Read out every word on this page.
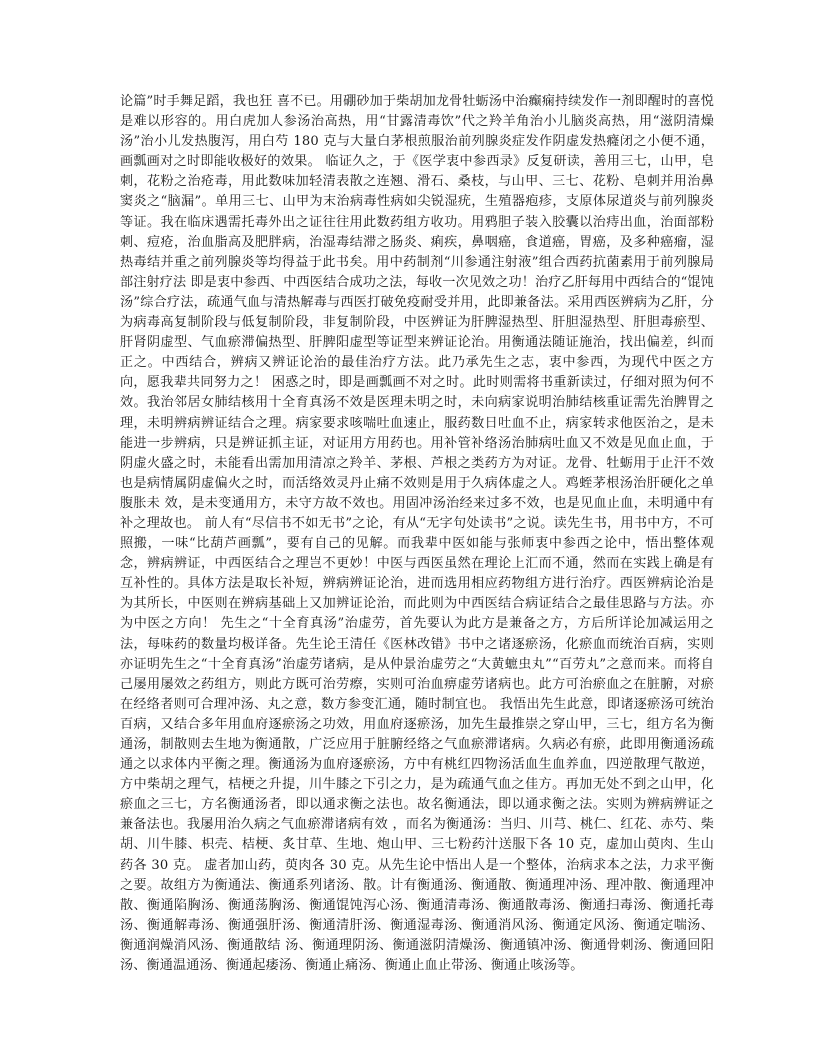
论篇”时手舞足蹈，我也狂 喜不已。用硼砂加于柴胡加龙骨牡蛎汤中治癫痫持续发作一剂即醒时的喜悦是难以形容的。用白虎加人参汤治高热，用“甘露清毒饮”代之羚羊角治小儿脑炎高热，用“滋阴清燥汤”治小儿发热腹泻，用白芍 180 克与大量白茅根煎服治前列腺炎症发作阴虚发热癃闭之小便不通，画瓢画对之时即能收极好的效果。 临证久之，于《医学衷中参西录》反复研读，善用三七，山甲，皂刺，花粉之治疮毒，用此数味加轻清表散之连翘、滑石、桑枝，与山甲、三七、花粉、皂刺并用治鼻窦炎之“脑漏”。单用三七、山甲为末治病毒性病如尖锐湿疣，生殖器疱疹，支原体尿道炎与前列腺炎等证。我在临床遇需托毒外出之证往往用此数药组方收功。用鸦胆子装入胶囊以治痔出血，治面部粉刺、痘疮，治血脂高及肥胖病，治湿毒结滞之肠炎、痢疾，鼻咽癌，食道癌，胃癌，及多种癌瘤，湿热毒结并重之前列腺炎等均得益于此书矣。用中药制剂“川参通注射液”组合西药抗菌素用于前列腺局部注射疗法 即是衷中参西、中西医结合成功之法，每收一次见效之功！治疗乙肝每用中西结合的“馄饨汤”综合疗法，疏通气血与清热解毒与西医打破免疫耐受并用，此即兼备法。采用西医辨病为乙肝，分为病毒高复制阶段与低复制阶段，非复制阶段，中医辨证为肝脾湿热型、肝胆湿热型、肝胆毒瘀型、肝肾阴虚型、气血瘀滞偏热型、肝脾阳虚型等证型来辨证论治。用衡通法随证施治，找出偏差，纠而正之。中西结合，辨病又辨证论治的最佳治疗方法。此乃承先生之志，衷中参西，为现代中医之方向，愿我辈共同努力之！ 困惑之时，即是画瓢画不对之时。此时则需将书重新读过，仔细对照为何不效。我治邻居女肺结核用十全育真汤不效是医理未明之时，未向病家说明治肺结核重证需先治脾胃之理，未明辨病辨证结合之理。病家要求咳喘吐血速止，服药数日吐血不止，病家转求他医治之，是未能进一步辨病，只是辨证抓主证，对证用方用药也。用补管补络汤治肺病吐血又不效是见血止血，于阴虚火盛之时，未能看出需加用清凉之羚羊、茅根、芦根之类药方为对证。龙骨、牡蛎用于止汗不效也是病情属阴虚偏火之时，而活络效灵丹止痛不效则是用于久病体虚之人。鸡蛭茅根汤治肝硬化之单腹胀未 效，是未变通用方，未守方故不效也。用固冲汤治经来过多不效，也是见血止血，未明通中有补之理故也。 前人有“尽信书不如无书”之论，有从“无字句处读书”之说。读先生书，用书中方，不可照搬，一味“比葫芦画瓢”，要有自己的见解。而我辈中医如能与张师衷中参西之论中，悟出整体观念，辨病辨证，中西医结合之理岂不更妙！中医与西医虽然在理论上汇而不通，然而在实践上确是有互补性的。具体方法是取长补短，辨病辨证论治，进而选用相应药物组方进行治疗。西医辨病论治是为其所长，中医则在辨病基础上又加辨证论治，而此则为中西医结合病证结合之最佳思路与方法。亦为中医之方向！ 先生之“十全育真汤”治虚劳，首先要认为此方是兼备之方，方后所详论加减运用之法，每味药的数量均极详备。先生论王清任《医林改错》书中之诸逐瘀汤，化瘀血而统治百病，实则亦证明先生之“十全育真汤”治虚劳诸病，是从仲景治虚劳之“大黄蟅虫丸”“百劳丸”之意而来。而将自己屡用屡效之药组方，则此方既可治劳瘵，实则可治血痹虚劳诸病也。此方可治瘀血之在脏腑，对瘀在经络者则可合理冲汤、丸之意，数方参变汇通，随时制宜也。 我悟出先生此意，即诸逐瘀汤可统治百病，又结合多年用血府逐瘀汤之功效，用血府逐瘀汤，加先生最推崇之穿山甲，三七，组方名为衡通汤，制散则去生地为衡通散，广泛应用于脏腑经络之气血瘀滞诸病。久病必有瘀，此即用衡通汤疏通之以求体内平衡之理。衡通汤为血府逐瘀汤，方中有桃红四物汤活血生血养血，四逆散理气散逆，方中柴胡之理气，桔梗之升提，川牛膝之下引之力，是为疏通气血之佳方。再加无处不到之山甲，化瘀血之三七，方名衡通汤者，即以通求衡之法也。故名衡通法，即以通求衡之法。实则为辨病辨证之兼备法也。我屡用治久病之气血瘀滞诸病有效 ，而名为衡通汤：当归、川芎、桃仁、红花、赤芍、柴胡、川牛膝、枳壳、桔梗、炙甘草、生地、炮山甲、三七粉药汁送服下各 10 克，虚加山萸肉、生山药各 30 克。 虚者加山药，萸肉各 30 克。从先生论中悟出人是一个整体，治病求本之法，力求平衡之要。故组方为衡通法、衡通系列诸汤、散。计有衡通汤、衡通散、衡通理冲汤、理冲散、衡通理冲散、衡通陷胸汤、衡通荡胸汤、衡通馄饨泻心汤、衡通清毒汤、衡通散毒汤、衡通扫毒汤、衡通托毒汤、衡通解毒汤、衡通强肝汤、衡通清肝汤、衡通湿毒汤、衡通消风汤、衡通定风汤、衡通定喘汤、衡通润燥消风汤、衡通散结 汤、衡通理阴汤、衡通滋阴清燥汤、衡通镇冲汤、衡通骨刺汤、衡通回阳汤、衡通温通汤、衡通起痿汤、衡通止痛汤、衡通止血止带汤、衡通止咳汤等。
